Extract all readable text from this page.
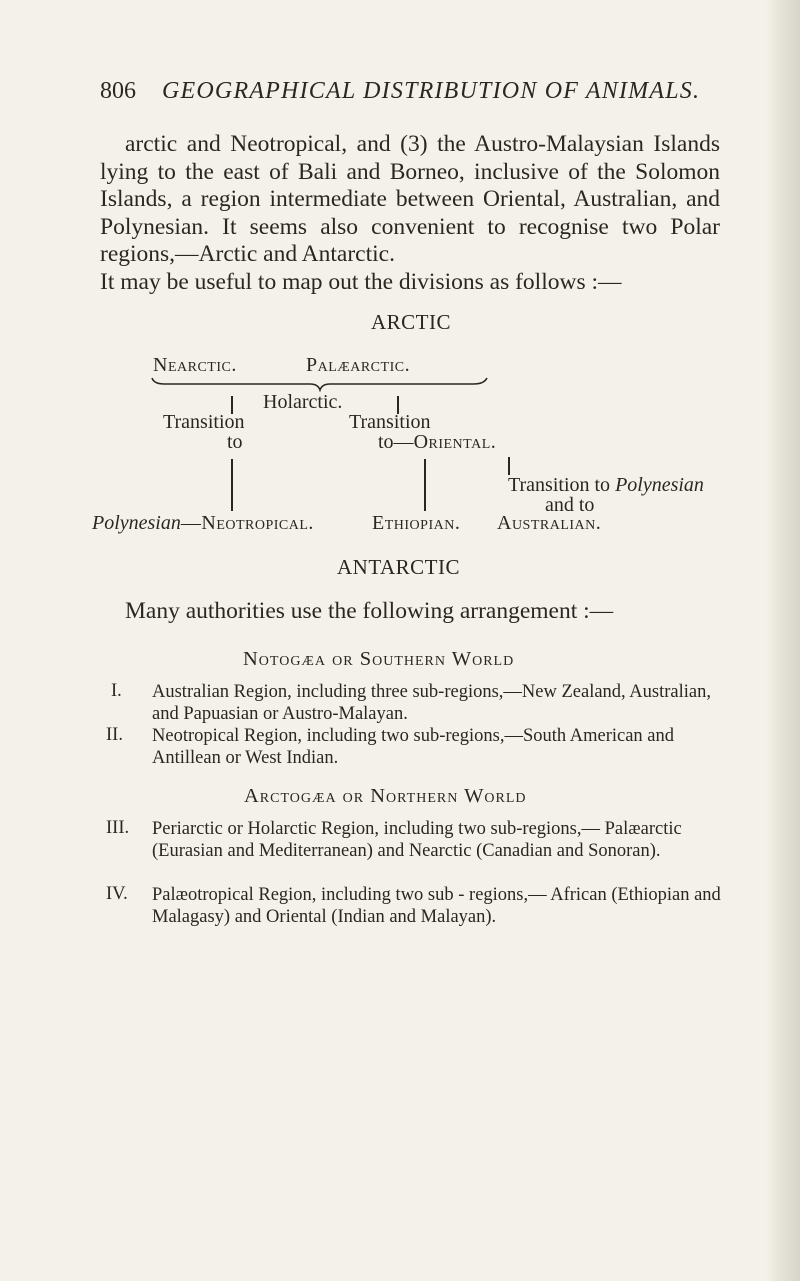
806 GEOGRAPHICAL DISTRIBUTION OF ANIMALS.

arctic and Neotropical, and (3) the Austro-Malaysian Islands lying to the east of Bali and Borneo, inclusive of the Solomon Islands, a region intermediate between Oriental, Australian, and Polynesian. It seems also convenient to recognise two Polar regions,—Arctic and Antarctic.
It may be useful to map out the divisions as follows :—

ARCTIC
Nearctic.	Palæarctic.
Holarctic.
Transition	Transition
to	to—Oriental.
Transition to Polynesian
and to
Polynesian—Neotropical.	Ethiopian. Australian.
ANTARCTIC

Many authorities use the following arrangement :—

Notogæa or Southern World
I. Australian Region, including three sub-regions,—New Zealand, Australian, and Papuasian or Austro-Malayan.

II. Neotropical Region, including two sub-regions,—South American and Antillean or West Indian.

Arctogæa or Northern World
III. Periarctic or Holarctic Region, including two sub-regions,— Palæarctic (Eurasian and Mediterranean) and Nearctic (Canadian and Sonoran).

IV. Palæotropical Region, including two sub - regions,— African (Ethiopian and Malagasy) and Oriental (Indian and Malayan).
